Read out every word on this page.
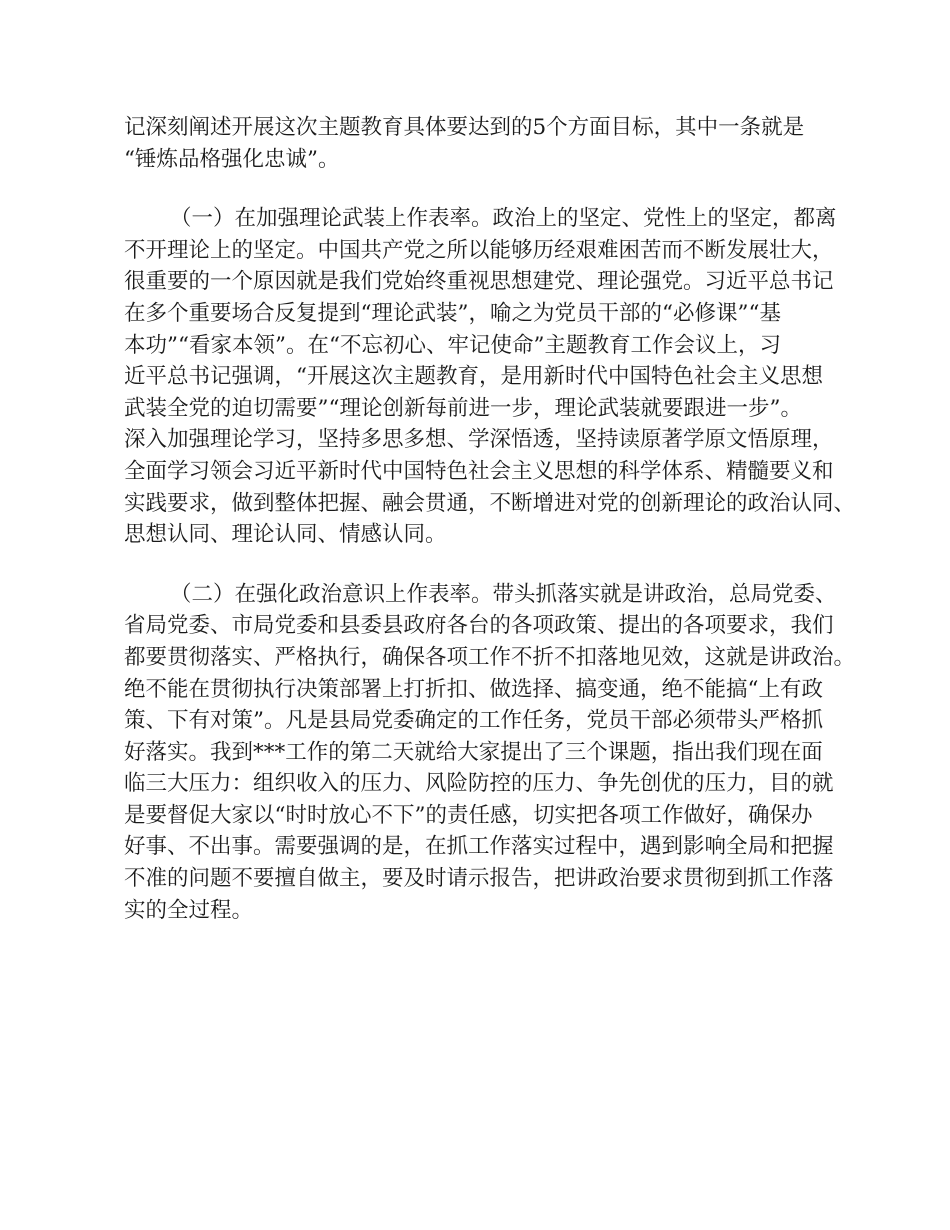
记深刻阐述开展这次主题教育具体要达到的5个方面目标，其中一条就是
“锤炼品格强化忠诚”。
（一）在加强理论武装上作表率。政治上的坚定、党性上的坚定，都离
不开理论上的坚定。中国共产党之所以能够历经艰难困苦而不断发展壮大，
很重要的一个原因就是我们党始终重视思想建党、理论强党。习近平总书记
在多个重要场合反复提到“理论武装”，喻之为党员干部的“必修课”“基
本功”“看家本领”。在“不忘初心、牢记使命”主题教育工作会议上，习
近平总书记强调，“开展这次主题教育，是用新时代中国特色社会主义思想
武装全党的迫切需要”“理论创新每前进一步，理论武装就要跟进一步”。
深入加强理论学习，坚持多思多想、学深悟透，坚持读原著学原文悟原理，
全面学习领会习近平新时代中国特色社会主义思想的科学体系、精髓要义和
实践要求，做到整体把握、融会贯通，不断增进对党的创新理论的政治认同、
思想认同、理论认同、情感认同。
（二）在强化政治意识上作表率。带头抓落实就是讲政治，总局党委、
省局党委、市局党委和县委县政府各台的各项政策、提出的各项要求，我们
都要贯彻落实、严格执行，确保各项工作不折不扣落地见效，这就是讲政治。
绝不能在贯彻执行决策部署上打折扣、做选择、搞变通，绝不能搞“上有政
策、下有对策”。凡是县局党委确定的工作任务，党员干部必须带头严格抓
好落实。我到***工作的第二天就给大家提出了三个课题，指出我们现在面
临三大压力：组织收入的压力、风险防控的压力、争先创优的压力，目的就
是要督促大家以“时时放心不下”的责任感，切实把各项工作做好，确保办
好事、不出事。需要强调的是，在抓工作落实过程中，遇到影响全局和把握
不准的问题不要擅自做主，要及时请示报告，把讲政治要求贯彻到抓工作落
实的全过程。
